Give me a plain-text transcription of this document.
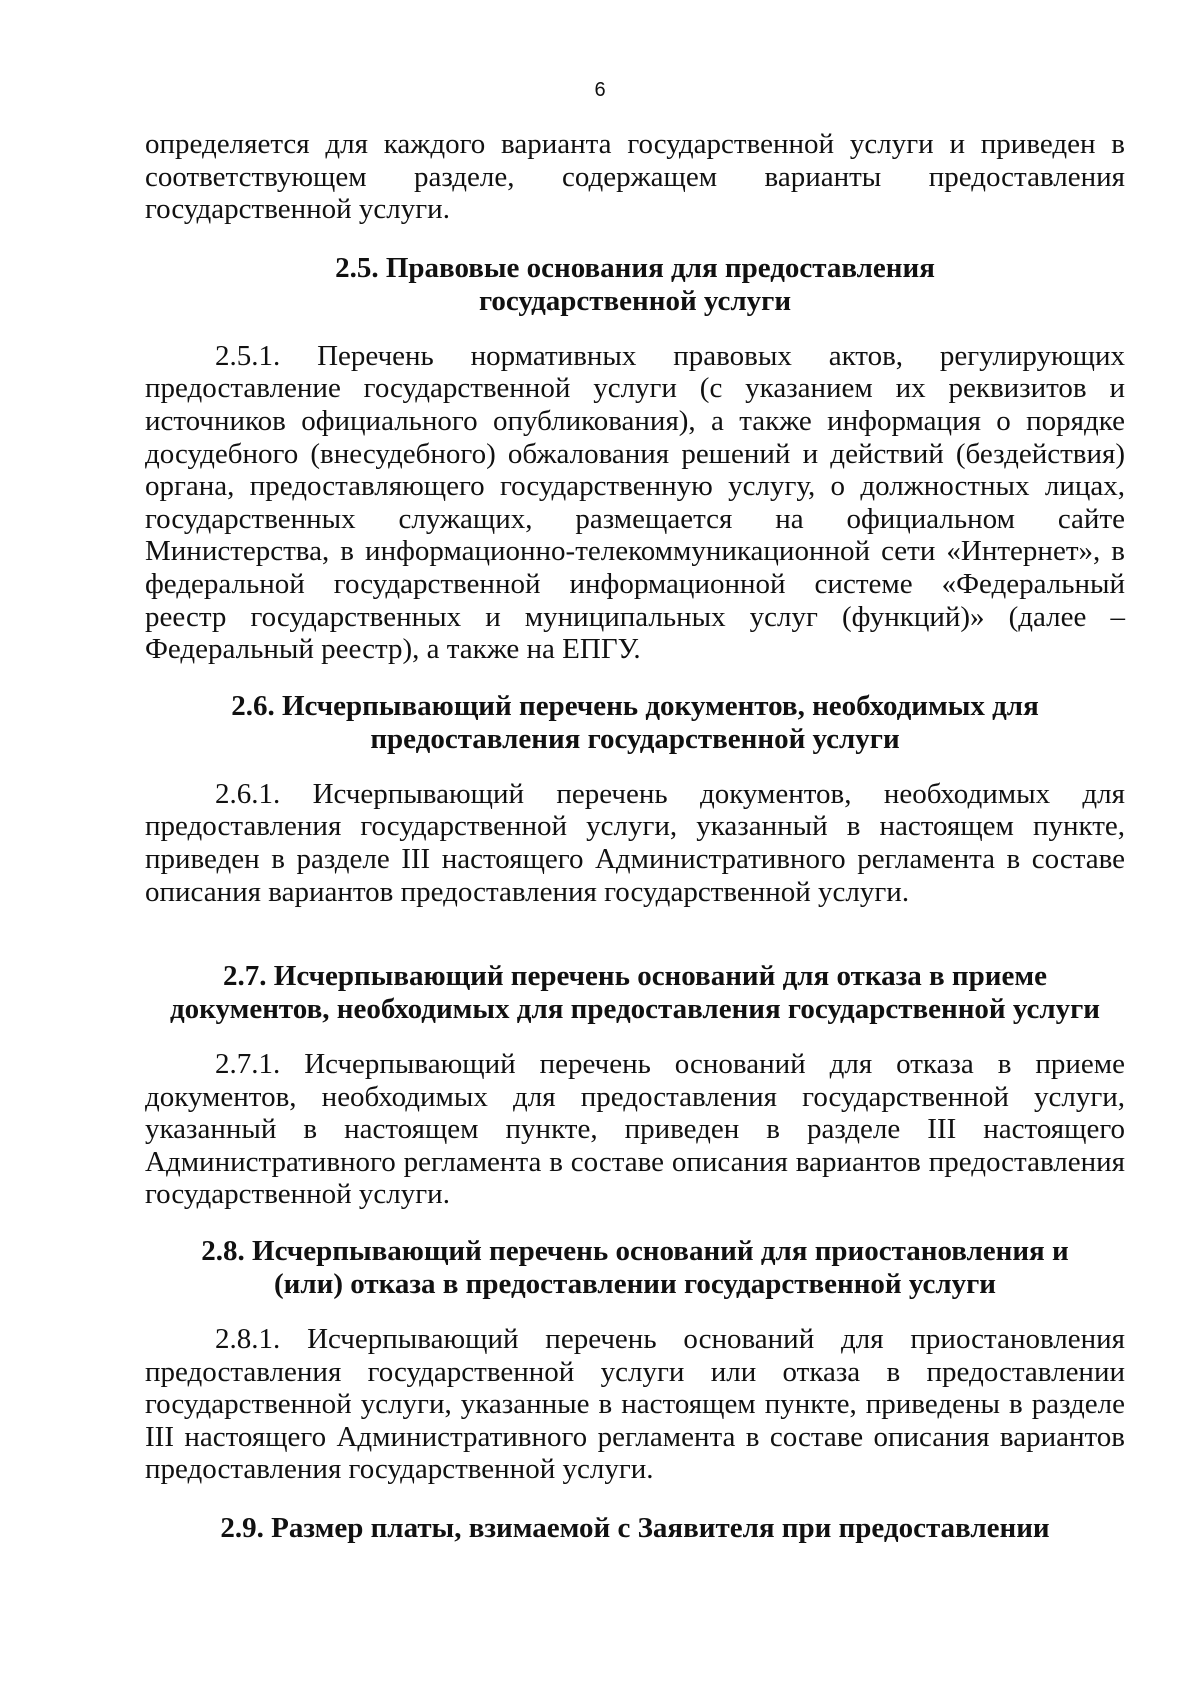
6

определяется для каждого варианта государственной услуги и приведен в соответствующем разделе, содержащем варианты предоставления государственной услуги.

2.5. Правовые основания для предоставления
государственной услуги

2.5.1. Перечень нормативных правовых актов, регулирующих предоставление государственной услуги (с указанием их реквизитов и источников официального опубликования), а также информация о порядке досудебного (внесудебного) обжалования решений и действий (бездействия) органа, предоставляющего государственную услугу, о должностных лицах, государственных служащих, размещается на официальном сайте Министерства, в информационно-телекоммуникационной сети «Интернет», в федеральной государственной информационной системе «Федеральный реестр государственных и муниципальных услуг (функций)» (далее – Федеральный реестр), а также на ЕПГУ.

2.6. Исчерпывающий перечень документов, необходимых для
предоставления государственной услуги

2.6.1. Исчерпывающий перечень документов, необходимых для предоставления государственной услуги, указанный в настоящем пункте, приведен в разделе III настоящего Административного регламента в составе описания вариантов предоставления государственной услуги.

2.7. Исчерпывающий перечень оснований для отказа в приеме
документов, необходимых для предоставления государственной услуги

2.7.1. Исчерпывающий перечень оснований для отказа в приеме документов, необходимых для предоставления государственной услуги, указанный в настоящем пункте, приведен в разделе III настоящего Административного регламента в составе описания вариантов предоставления государственной услуги.

2.8. Исчерпывающий перечень оснований для приостановления и
(или) отказа в предоставлении государственной услуги

2.8.1. Исчерпывающий перечень оснований для приостановления предоставления государственной услуги или отказа в предоставлении государственной услуги, указанные в настоящем пункте, приведены в разделе III настоящего Административного регламента в составе описания вариантов предоставления государственной услуги.

2.9. Размер платы, взимаемой с Заявителя при предоставлении
